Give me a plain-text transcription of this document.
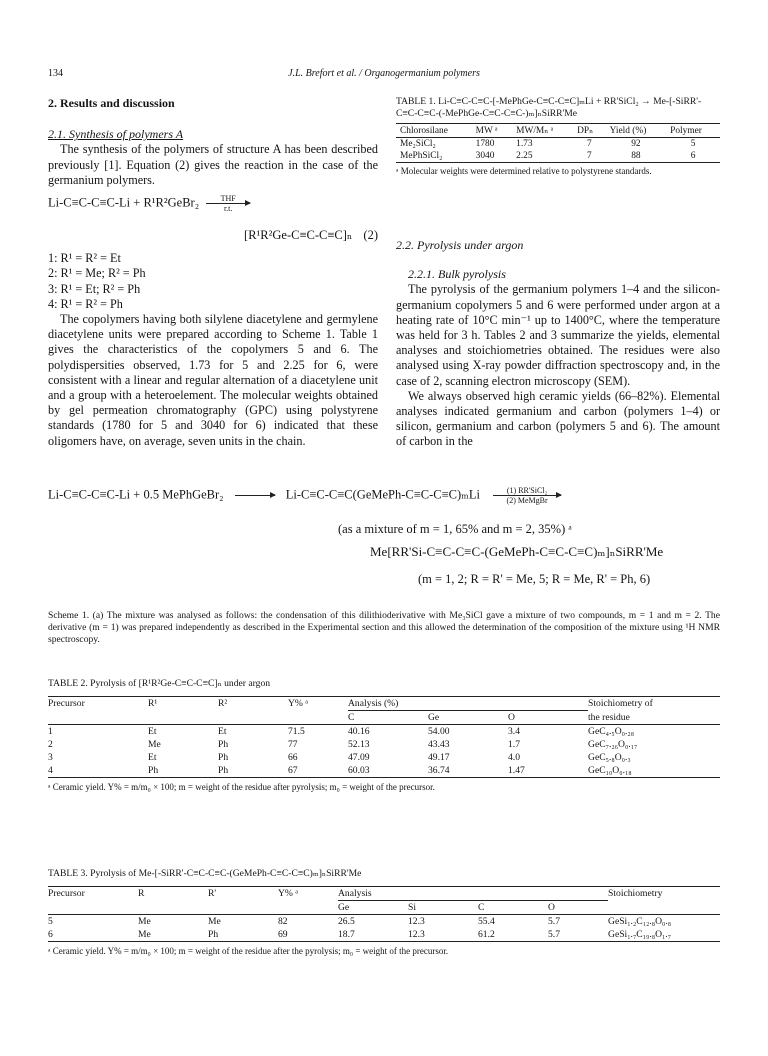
134	J.L. Brefort et al. / Organogermanium polymers
2. Results and discussion
2.1. Synthesis of polymers A

The synthesis of the polymers of structure A has been described previously [1]. Equation (2) gives the reaction in the case of the germanium polymers.

Li-C≡C-C≡C-Li + R¹R²GeBr₂	THF
r.t.
[R¹R²Ge-C≡C-C≡C]ₙ (2)
1: R¹ = R² = Et
2: R¹ = Me; R² = Ph
3: R¹ = Et; R² = Ph
4: R¹ = R² = Ph

The copolymers having both silylene diacetylene and germylene diacetylene units were prepared according to Scheme 1. Table 1 gives the characteristics of the copolymers 5 and 6. The polydispersities observed, 1.73 for 5 and 2.25 for 6, were consistent with a linear and regular alternation of a diacetylene unit and a group with a heteroelement. The molecular weights obtained by gel permeation chromatography (GPC) using polystyrene standards (1780 for 5 and 3040 for 6) indicated that these oligomers have, on average, seven units in the chain.

TABLE 1. Li-C≡C-C≡C-[-MePhGe-C≡C-C≡C]ₘLi + RR'SiCl₂ → Me-[-SiRR'-C≡C-C≡C-(-MePhGe-C≡C-C≡C-)ₘ]ₙSiRR'Me
Chlorosilane	MW ᵃ	MW/Mₙ ᵃ	DPₙ	Yield (%)	Polymer
Me₂SiCl₂	1780	1.73	7	92	5
MePhSiCl₂	3040	2.25	7	88	6
ᵃ Molecular weights were determined relative to polystyrene standards.
2.2. Pyrolysis under argon
2.2.1. Bulk pyrolysis

The pyrolysis of the germanium polymers 1–4 and the silicon-germanium copolymers 5 and 6 were performed under argon at a heating rate of 10°C min⁻¹ up to 1400°C, where the temperature was held for 3 h. Tables 2 and 3 summarize the yields, elemental analyses and stoichiometries obtained. The residues were also analysed using X-ray powder diffraction spectroscopy and, in the case of 2, scanning electron microscopy (SEM).

We always observed high ceramic yields (66–82%). Elemental analyses indicated germanium and carbon (polymers 1–4) or silicon, germanium and carbon (polymers 5 and 6). The amount of carbon in the

Li-C≡C-C≡C-Li + 0.5 MePhGeBr₂	Li-C≡C-C≡C(GeMePh-C≡C-C≡C)ₘLi	(1) RR'SiCl₂
(2) MeMgBr
(as a mixture of m = 1, 65% and m = 2, 35%) ᵃ
Me[RR'Si-C≡C-C≡C-(GeMePh-C≡C-C≡C)ₘ]ₙSiRR'Me
(m = 1, 2; R = R' = Me, 5; R = Me, R' = Ph, 6)
Scheme 1. (a) The mixture was analysed as follows: the condensation of this dilithioderivative with Me₃SiCl gave a mixture of two compounds, m = 1 and m = 2. The derivative (m = 1) was prepared independently as described in the Experimental section and this allowed the determination of the composition of the mixture using ¹H NMR spectroscopy.
TABLE 2. Pyrolysis of [R¹R²Ge-C≡C-C≡C]ₙ under argon
Precursor	R¹	R²	Y% ᵃ	Analysis (%)			Stoichiometry of
				C	Ge	O	the residue
1	Et	Et	71.5	40.16	54.00	3.4	GeC₄.₅O₀.₂₈
2	Me	Ph	77	52.13	43.43	1.7	GeC₇.₂₆O₀.₁₇
3	Et	Ph	66	47.09	49.17	4.0	GeC₅.₈O₀.₃
4	Ph	Ph	67	60.03	36.74	1.47	GeC₁₀O₀.₁₈
ᵃ Ceramic yield. Y% = m/m₀ × 100; m = weight of the residue after pyrolysis; m₀ = weight of the precursor.
TABLE 3. Pyrolysis of Me-[-SiRR'-C≡C-C≡C-(GeMePh-C≡C-C≡C)ₘ]ₙSiRR'Me
Precursor	R	R'	Y% ᵃ	Analysis				Stoichiometry
				Ge	Si	C	O	
5	Me	Me	82	26.5	12.3	55.4	5.7	GeSi₁.₂C₁₂.₈O₀.₈
6	Me	Ph	69	18.7	12.3	61.2	5.7	GeSi₁.₇C₁₉.₈O₁.₇
ᵃ Ceramic yield. Y% = m/m₀ × 100; m = weight of the residue after the pyrolysis; m₀ = weight of the precursor.
